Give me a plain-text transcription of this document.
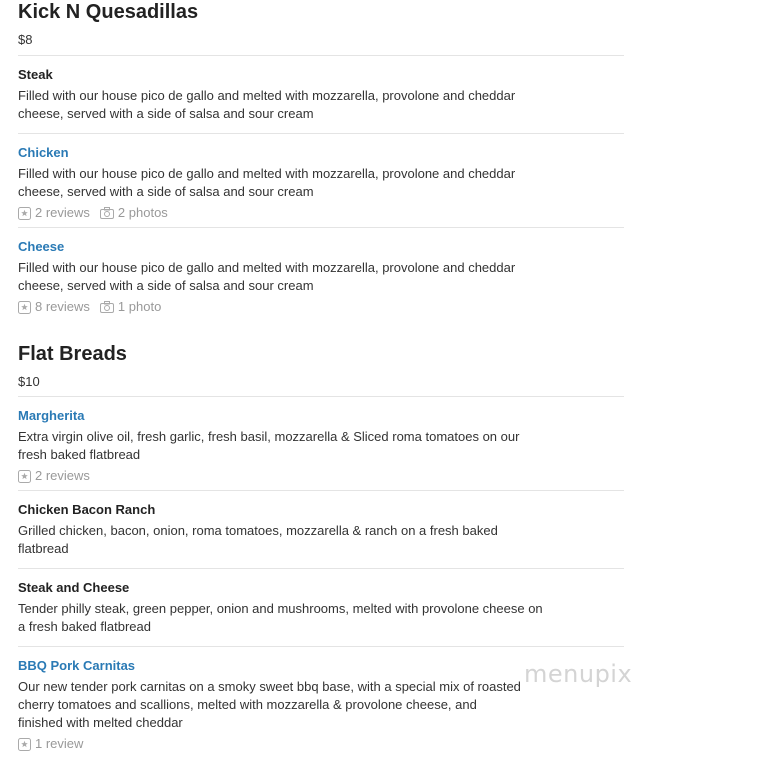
Kick N Quesadillas
$8
Steak
Filled with our house pico de gallo and melted with mozzarella, provolone and cheddar cheese, served with a side of salsa and sour cream
Chicken
Filled with our house pico de gallo and melted with mozzarella, provolone and cheddar cheese, served with a side of salsa and sour cream
2 reviews 2 photos
Cheese
Filled with our house pico de gallo and melted with mozzarella, provolone and cheddar cheese, served with a side of salsa and sour cream
8 reviews 1 photo
Flat Breads
$10
Margherita
Extra virgin olive oil, fresh garlic, fresh basil, mozzarella & Sliced roma tomatoes on our fresh baked flatbread
2 reviews
Chicken Bacon Ranch
Grilled chicken, bacon, onion, roma tomatoes, mozzarella & ranch on a fresh baked flatbread
Steak and Cheese
Tender philly steak, green pepper, onion and mushrooms, melted with provolone cheese on a fresh baked flatbread
BBQ Pork Carnitas
Our new tender pork carnitas on a smoky sweet bbq base, with a special mix of roasted cherry tomatoes and scallions, melted with mozzarella & provolone cheese, and finished with melted cheddar
1 review
menupix
